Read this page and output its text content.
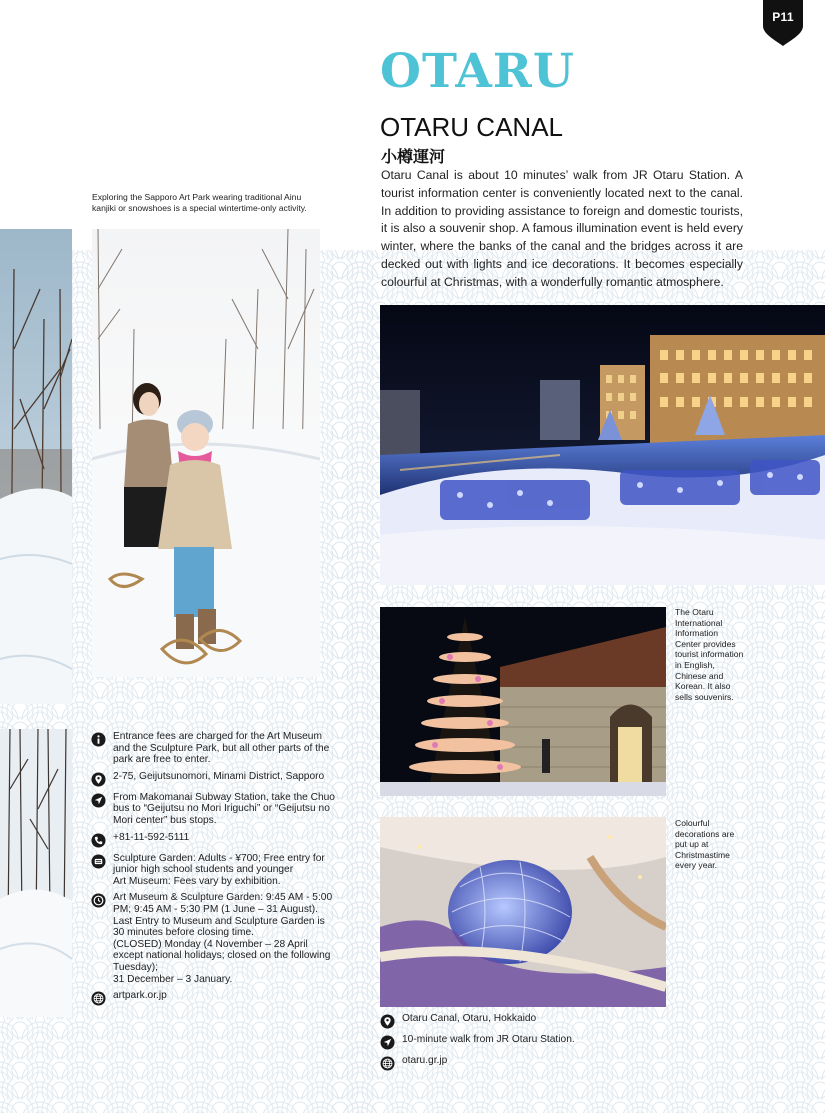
P11
OTARU
OTARU CANAL
小樽運河
Otaru Canal is about 10 minutes’ walk from JR Otaru Station. A tourist information center is conveniently located next to the canal. In addition to providing assistance to foreign and domestic tourists, it is also a souvenir shop. A famous illumination event is held every winter, where the banks of the canal and the bridges across it are decked out with lights and ice decorations. It becomes especially colourful at Christmas, with a wonderfully romantic atmosphere.
Exploring the Sapporo Art Park wearing traditional Ainu kanjiki or snowshoes is a special wintertime-only activity.
The Otaru International Information Center provides tourist information in English, Chinese and Korean. It also sells souvenirs.
Colourful decorations are put up at Christmastime every year.
Entrance fees are charged for the Art Museum and the Sculpture Park, but all other parts of the park are free to enter.
2-75, Geijutsunomori, Minami District, Sapporo
From Makomanai Subway Station, take the Chuo bus to “Geijutsu no Mori Iriguchi” or “Geijutsu no Mori center” bus stops.
+81-11-592-5111
Sculpture Garden: Adults - ¥700; Free entry for junior high school students and younger
Art Museum: Fees vary by exhibition.
Art Museum & Sculpture Garden: 9:45 AM - 5:00 PM; 9:45 AM - 5:30 PM (1 June – 31 August).
Last Entry to Museum and Sculpture Garden is 30 minutes before closing time.
(CLOSED) Monday (4 November – 28 April except national holidays; closed on the following Tuesday);
31 December – 3 January.
artpark.or.jp
Otaru Canal, Otaru, Hokkaido
10-minute walk from JR Otaru Station.
otaru.gr.jp
